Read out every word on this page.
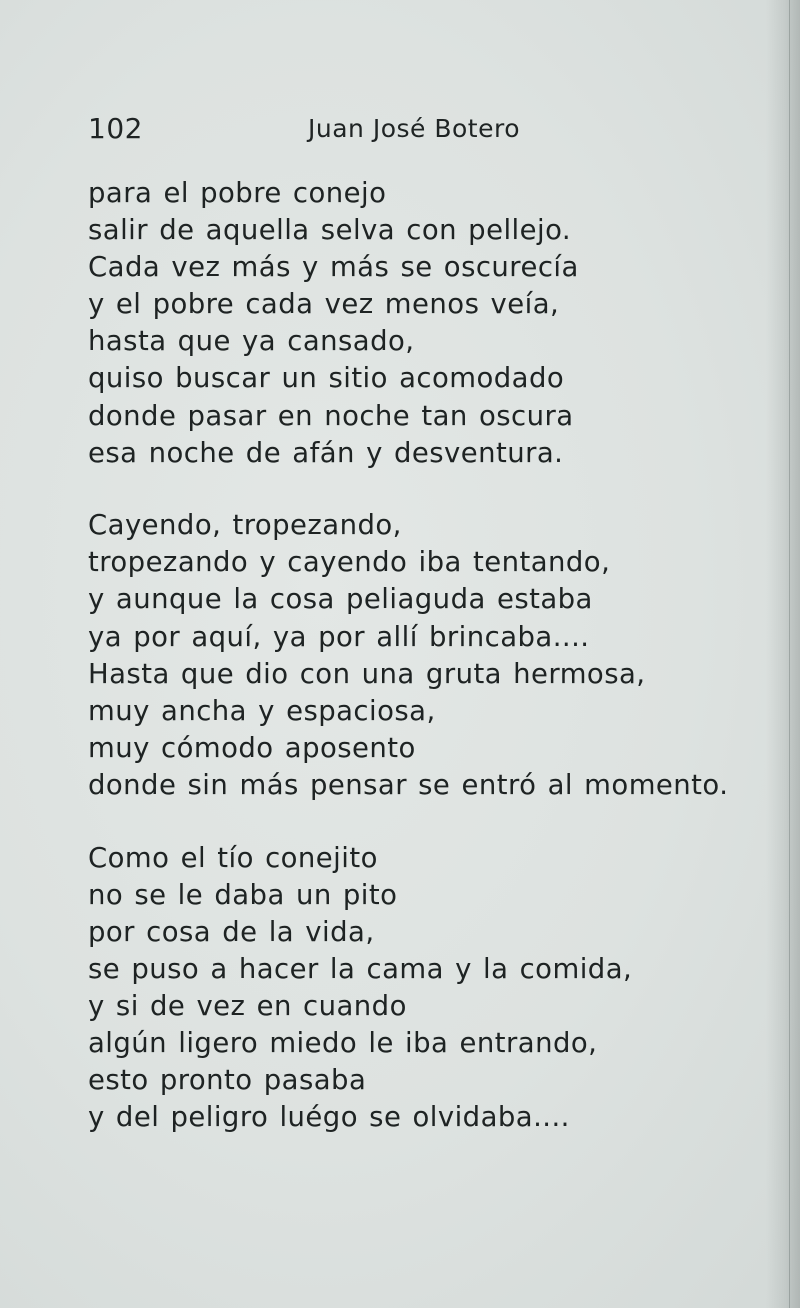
102	Juan José Botero
para el pobre conejo
salir de aquella selva con pellejo.
Cada vez más y más se oscurecía
y el pobre cada vez menos veía,
hasta que ya cansado,
quiso buscar un sitio acomodado
donde pasar en noche tan oscura
esa noche de afán y desventura.
Cayendo, tropezando,
tropezando y cayendo iba tentando,
y aunque la cosa peliaguda estaba
ya por aquí, ya por allí brincaba....
Hasta que dio con una gruta hermosa,
muy ancha y espaciosa,
muy cómodo aposento
donde sin más pensar se entró al momento.
Como el tío conejito
no se le daba un pito
por cosa de la vida,
se puso a hacer la cama y la comida,
y si de vez en cuando
algún ligero miedo le iba entrando,
esto pronto pasaba
y del peligro luégo se olvidaba....
